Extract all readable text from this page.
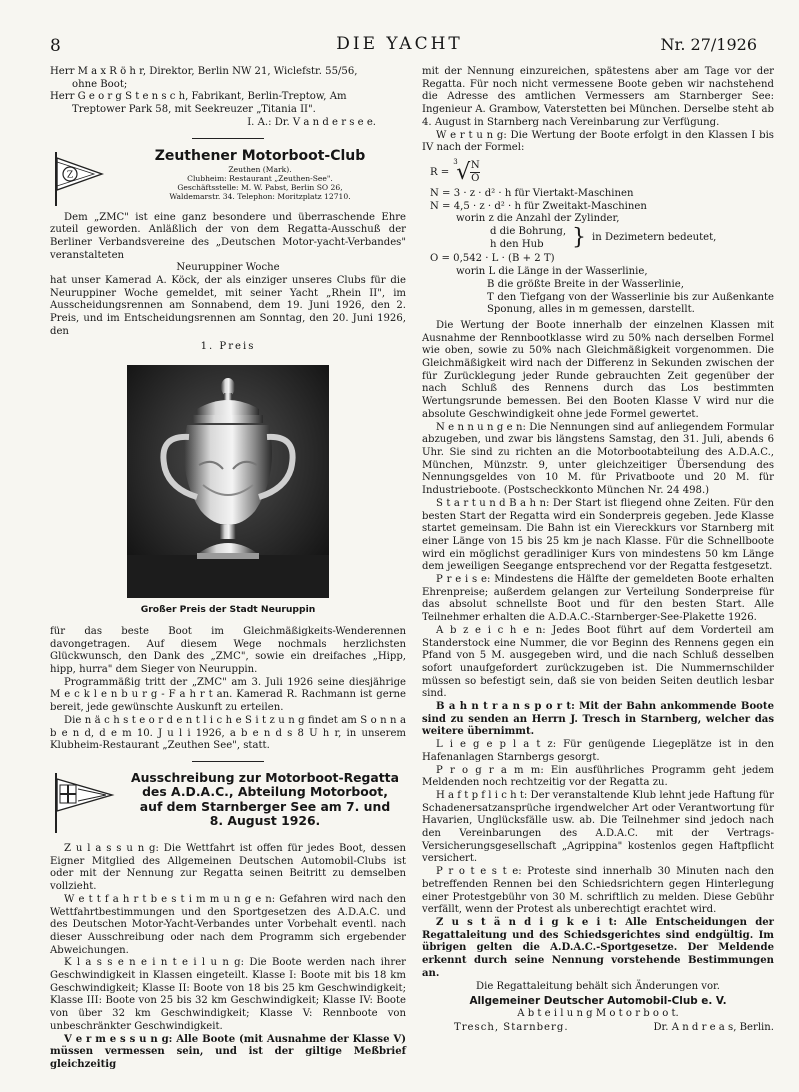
8	DIE YACHT	Nr. 27/1926

Herr M a x R ö h r, Direktor, Berlin NW 21, Wiclefstr. 55/56,

ohne Boot;

Herr G e o r g S t e n s c h, Fabrikant, Berlin-Treptow, Am

Treptower Park 58, mit Seekreuzer „Titania II".

I. A.: Dr. V a n d e r s e e.

Z
Zeuthener Motorboot-Club
Zeuthen (Mark).
Clubheim: Restaurant „Zeuthen-See".
Geschäftsstelle: M. W. Pabst, Berlin SO 26,
Waldemarstr. 34. Telephon: Moritzplatz 12710.

Dem „ZMC" ist eine ganz besondere und überraschende Ehre zuteil geworden. Anläßlich der von dem Regatta-Ausschuß der Berliner Verbandsvereine des „Deutschen Motor-yacht-Verbandes" veranstalteten

Neuruppiner Woche

hat unser Kamerad A. Köck, der als einziger unseres Clubs für die Neuruppiner Woche gemeldet, mit seiner Yacht „Rhein II", im Ausscheidungsrennen am Sonnabend, dem 19. Juni 1926, den 2. Preis, und im Entscheidungsrennen am Sonntag, den 20. Juni 1926, den

1. Preis

Großer Preis der Stadt Neuruppin

für das beste Boot im Gleichmäßigkeits-Wenderennen davongetragen. Auf diesem Wege nochmals herzlichsten Glückwunsch, den Dank des „ZMC", sowie ein dreifaches „Hipp, hipp, hurra" dem Sieger von Neuruppin.

Programmäßig tritt der „ZMC" am 3. Juli 1926 seine diesjährige M e c k l e n b u r g - F a h r t an. Kamerad R. Rachmann ist gerne bereit, jede gewünschte Auskunft zu erteilen.

Die n ä c h s t e o r d e n t l i c h e S i t z u n g findet am S o n n a b e n d, d e m 10. J u l i 1926, a b e n d s 8 U h r, in unserem Klubheim-Restaurant „Zeuthen See", statt.

Ausschreibung zur Motorboot-Regatta
des A.D.A.C., Abteilung Motorboot,
auf dem Starnberger See am 7. und
8. August 1926.

Z u l a s s u n g: Die Wettfahrt ist offen für jedes Boot, dessen Eigner Mitglied des Allgemeinen Deutschen Automobil-Clubs ist oder mit der Nennung zur Regatta seinen Beitritt zu demselben vollzieht.

W e t t f a h r t b e s t i m m u n g e n: Gefahren wird nach den Wettfahrtbestimmungen und den Sportgesetzen des A.D.A.C. und des Deutschen Motor-Yacht-Verbandes unter Vorbehalt eventl. nach dieser Ausschreibung oder nach dem Programm sich ergebender Abweichungen.

K l a s s e n e i n t e i l u n g: Die Boote werden nach ihrer Geschwindigkeit in Klassen eingeteilt. Klasse I: Boote mit bis 18 km Geschwindigkeit; Klasse II: Boote von 18 bis 25 km Geschwindigkeit; Klasse III: Boote von 25 bis 32 km Geschwindigkeit; Klasse IV: Boote von über 32 km Geschwindigkeit; Klasse V: Rennboote von unbeschränkter Geschwindigkeit.

V e r m e s s u n g: Alle Boote (mit Ausnahme der Klasse V) müssen vermessen sein, und ist der giltige Meßbrief gleichzeitig

mit der Nennung einzureichen, spätestens aber am Tage vor der Regatta. Für noch nicht vermessene Boote geben wir nachstehend die Adresse des amtlichen Vermessers am Starnberger See: Ingenieur A. Grambow, Vaterstetten bei München. Derselbe steht ab 4. August in Starnberg nach Vereinbarung zur Verfügung.

W e r t u n g: Die Wertung der Boote erfolgt in den Klassen I bis IV nach der Formel:

R =
3
√ N
O

N = 3 · z · d² · h für Viertakt-Maschinen

N = 4,5 · z · d² · h für Zweitakt-Maschinen

worin z die Anzahl der Zylinder,

d die Bohrung,

h den Hub	} in Dezimetern bedeutet,

O = 0,542 · L · (B + 2 T)

worin L die Länge in der Wasserlinie,

B die größte Breite in der Wasserlinie,

T den Tiefgang von der Wasserlinie bis zur Außenkante Sponung, alles in m gemessen, darstellt.

Die Wertung der Boote innerhalb der einzelnen Klassen mit Ausnahme der Rennbootklasse wird zu 50% nach derselben Formel wie oben, sowie zu 50% nach Gleichmäßigkeit vorgenommen. Die Gleichmäßigkeit wird nach der Differenz in Sekunden zwischen der für Zurücklegung jeder Runde gebrauchten Zeit gegenüber der nach Schluß des Rennens durch das Los bestimmten Wertungsrunde bemessen. Bei den Booten Klasse V wird nur die absolute Geschwindigkeit ohne jede Formel gewertet.

N e n n u n g e n: Die Nennungen sind auf anliegendem Formular abzugeben, und zwar bis längstens Samstag, den 31. Juli, abends 6 Uhr. Sie sind zu richten an die Motorbootabteilung des A.D.A.C., München, Münzstr. 9, unter gleichzeitiger Übersendung des Nennungsgeldes von 10 M. für Privatboote und 20 M. für Industrieboote. (Postscheckkonto München Nr. 24 498.)

S t a r t u n d B a h n: Der Start ist fliegend ohne Zeiten. Für den besten Start der Regatta wird ein Sonderpreis gegeben. Jede Klasse startet gemeinsam. Die Bahn ist ein Viereckkurs vor Starnberg mit einer Länge von 15 bis 25 km je nach Klasse. Für die Schnellboote wird ein möglichst geradliniger Kurs von mindestens 50 km Länge dem jeweiligen Seegange entsprechend vor der Regatta festgesetzt.

P r e i s e: Mindestens die Hälfte der gemeldeten Boote erhalten Ehrenpreise; außerdem gelangen zur Verteilung Sonderpreise für das absolut schnellste Boot und für den besten Start. Alle Teilnehmer erhalten die A.D.A.C.-Starnberger-See-Plakette 1926.

A b z e i c h e n: Jedes Boot führt auf dem Vorderteil am Standerstock eine Nummer, die vor Beginn des Rennens gegen ein Pfand von 5 M. ausgegeben wird, und die nach Schluß desselben sofort unaufgefordert zurückzugeben ist. Die Nummernschilder müssen so befestigt sein, daß sie von beiden Seiten deutlich lesbar sind.

B a h n t r a n s p o r t: Mit der Bahn ankommende Boote sind zu senden an Herrn J. Tresch in Starnberg, welcher das weitere übernimmt.

L i e g e p l a t z: Für genügende Liegeplätze ist in den Hafenanlagen Starnbergs gesorgt.

P r o g r a m m: Ein ausführliches Programm geht jedem Meldenden noch rechtzeitig vor der Regatta zu.

H a f t p f l i c h t: Der veranstaltende Klub lehnt jede Haftung für Schadenersatzansprüche irgendwelcher Art oder Verantwortung für Havarien, Unglücksfälle usw. ab. Die Teilnehmer sind jedoch nach den Vereinbarungen des A.D.A.C. mit der Vertrags-Versicherungsgesellschaft „Agrippina" kostenlos gegen Haftpflicht versichert.

P r o t e s t e: Proteste sind innerhalb 30 Minuten nach den betreffenden Rennen bei den Schiedsrichtern gegen Hinterlegung einer Protestgebühr von 30 M. schriftlich zu melden. Diese Gebühr verfällt, wenn der Protest als unberechtigt erachtet wird.

Z u s t ä n d i g k e i t: Alle Entscheidungen der Regattaleitung und des Schiedsgerichtes sind endgültig. Im übrigen gelten die A.D.A.C.-Sportgesetze. Der Meldende erkennt durch seine Nennung vorstehende Bestimmungen an.

Die Regattaleitung behält sich Änderungen vor.

Allgemeiner Deutscher Automobil-Club e. V.

A b t e i l u n g M o t o r b o o t.

Tresch, Starnberg.	Dr. A n d r e a s, Berlin.
